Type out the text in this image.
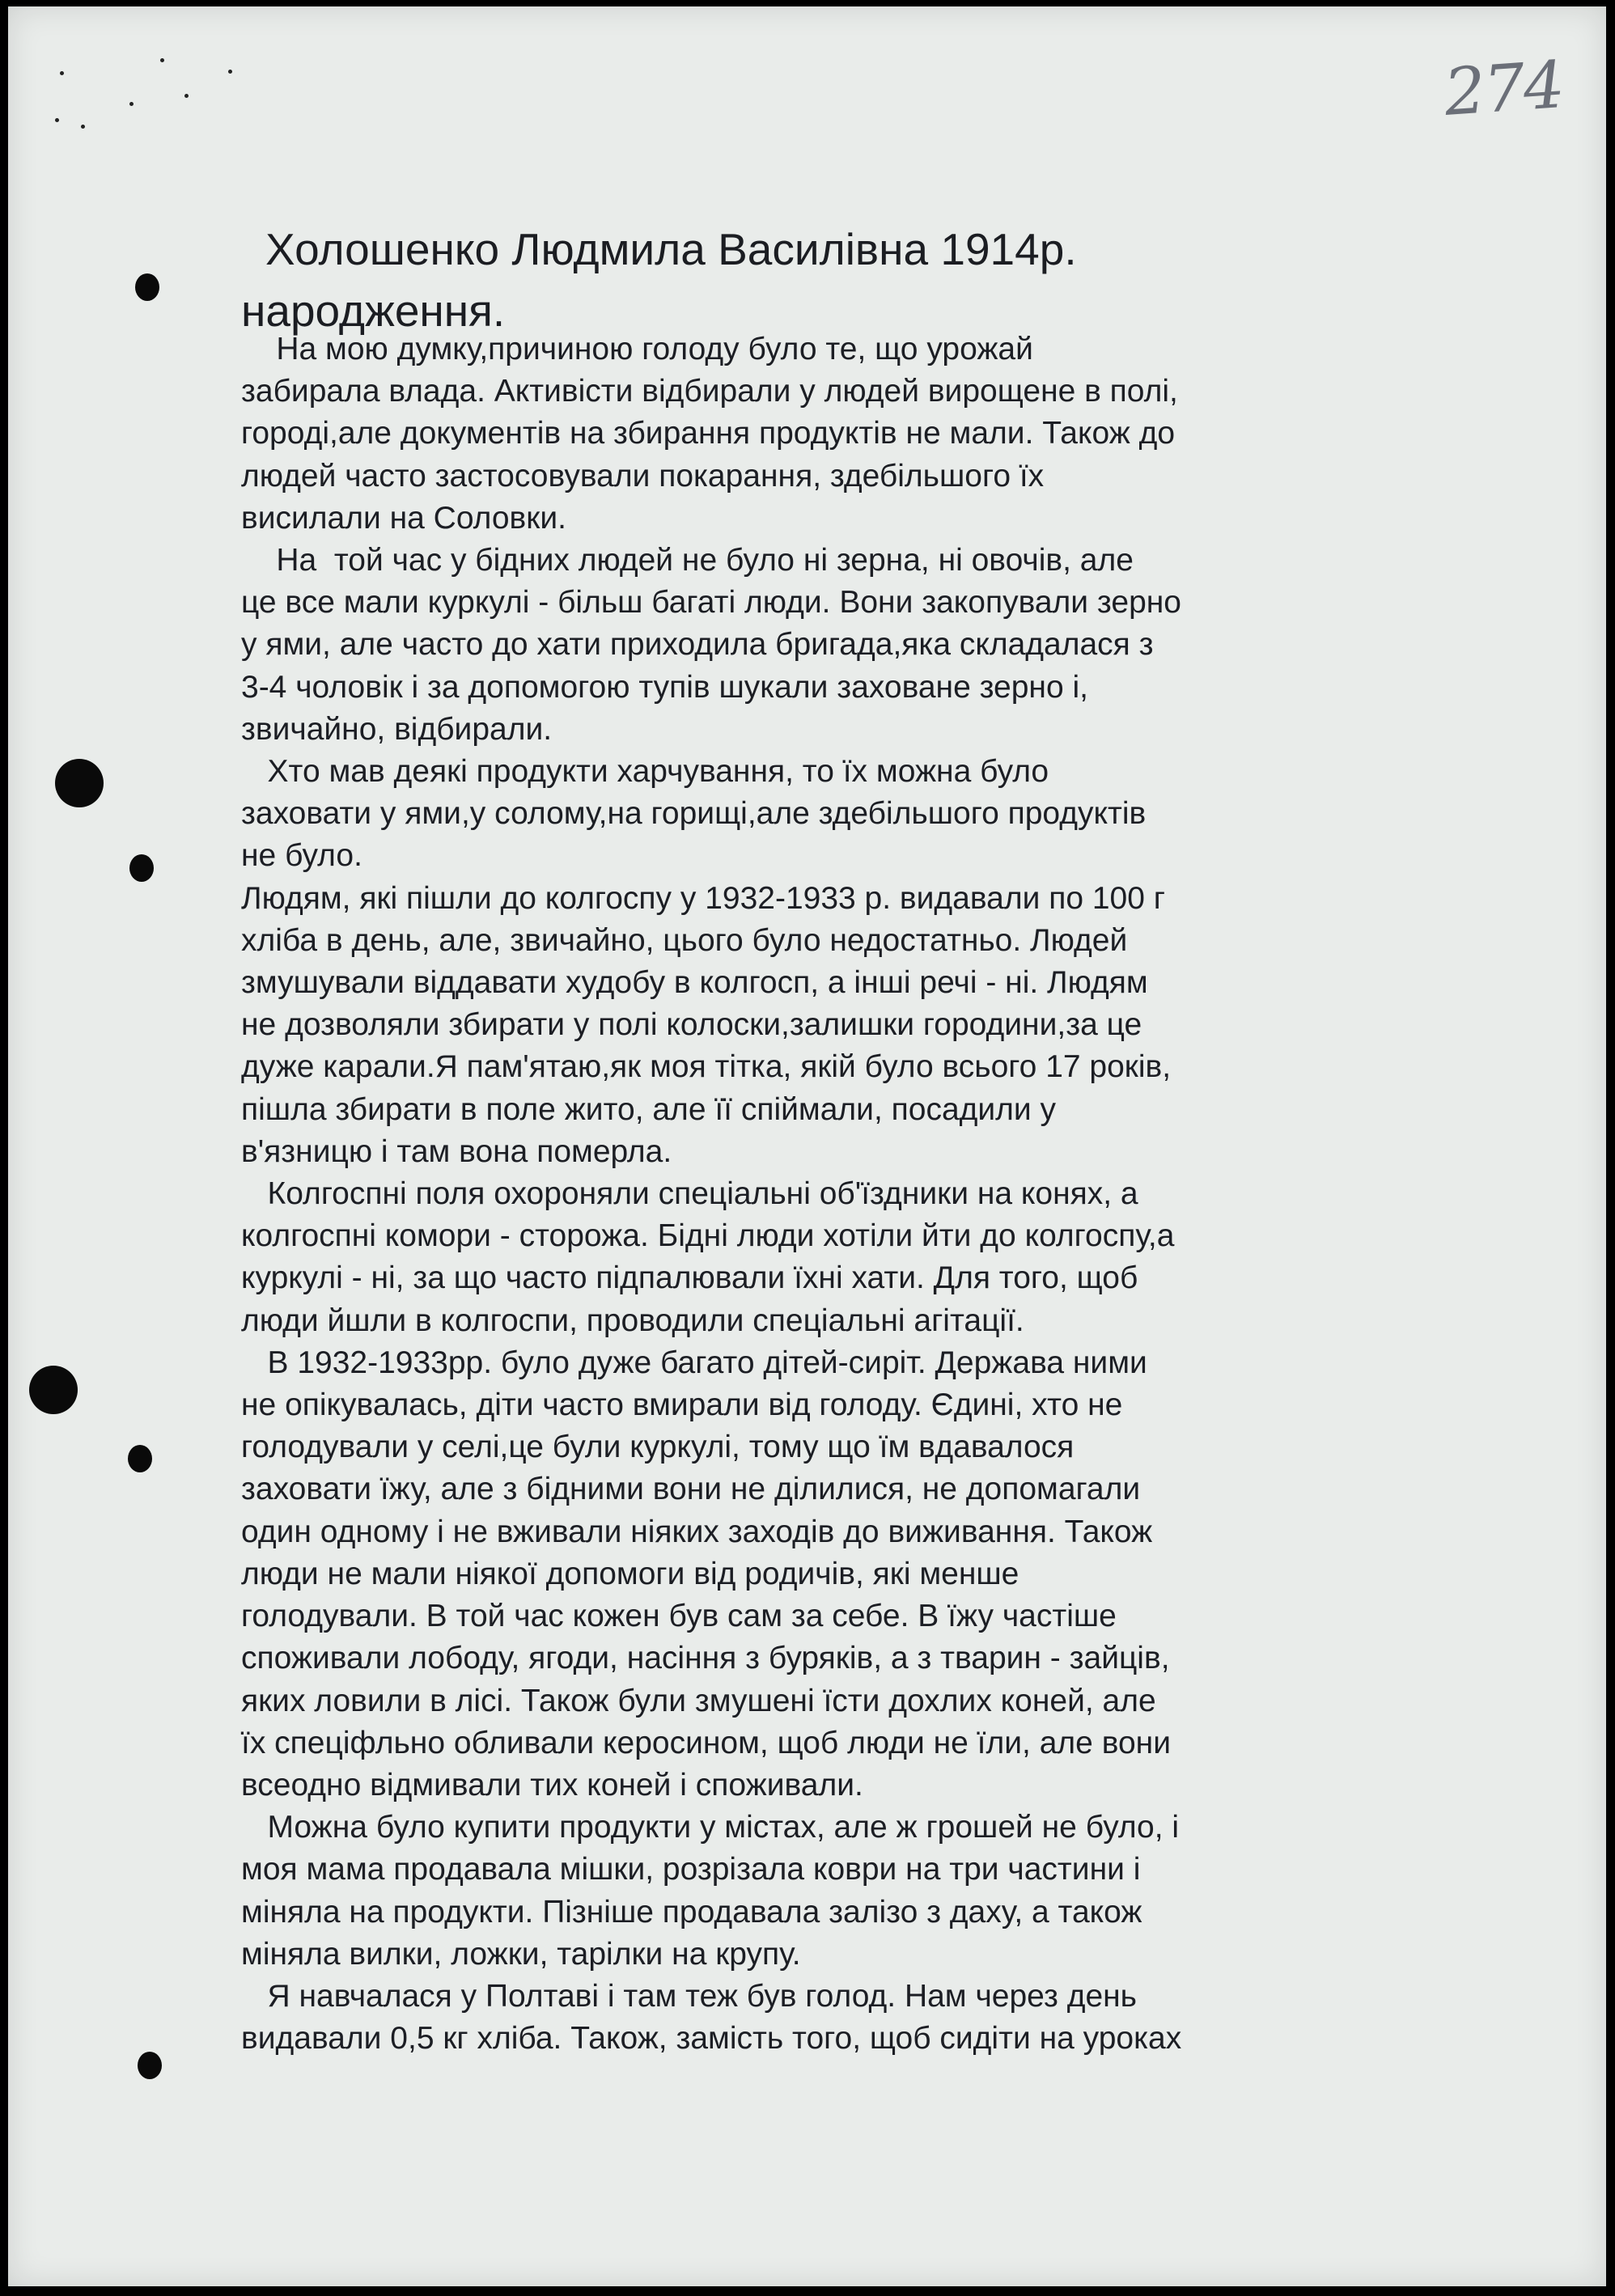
274
Холошенко Людмила Василівна 1914р.
народження.
На мою думку,причиною голоду було те, що урожай
забирала влада. Активісти відбирали у людей вирощене в полі,
городі,але документів на збирання продуктів не мали. Також до
людей часто застосовували покарання, здебільшого їх
висилали на Соловки.
На  той час у бідних людей не було ні зерна, ні овочів, але
це все мали куркулі - більш багаті люди. Вони закопували зерно
у ями, але часто до хати приходила бригада,яка складалася з
3-4 чоловік і за допомогою тупів шукали заховане зерно і,
звичайно, відбирали.
Хто мав деякі продукти харчування, то їх можна було
заховати у ями,у солому,на горищі,але здебільшого продуктів
не було.
Людям, які пішли до колгоспу у 1932-1933 р. видавали по 100 г
хліба в день, але, звичайно, цього було недостатньо. Людей
змушували віддавати худобу в колгосп, а інші речі - ні. Людям
не дозволяли збирати у полі колоски,залишки городини,за це
дуже карали.Я пам'ятаю,як моя тітка, якій було всього 17 років,
пішла збирати в поле жито, але її спіймали, посадили у
в'язницю і там вона померла.
Колгоспні поля охороняли спеціальні об'їздники на конях, а
колгоспні комори - сторожа. Бідні люди хотіли йти до колгоспу,а
куркулі - ні, за що часто підпалювали їхні хати. Для того, щоб
люди йшли в колгоспи, проводили спеціальні агітації.
В 1932-1933рр. було дуже багато дітей-сиріт. Держава ними
не опікувалась, діти часто вмирали від голоду. Єдині, хто не
голодували у селі,це були куркулі, тому що їм вдавалося
заховати їжу, але з бідними вони не ділилися, не допомагали
один одному і не вживали ніяких заходів до виживання. Також
люди не мали ніякої допомоги від родичів, які менше
голодували. В той час кожен був сам за себе. В їжу частіше
споживали лободу, ягоди, насіння з буряків, а з тварин - зайців,
яких ловили в лісі. Також були змушені їсти дохлих коней, але
їх спеціфльно обливали керосином, щоб люди не їли, але вони
всеодно відмивали тих коней і споживали.
Можна було купити продукти у містах, але ж грошей не було, і
моя мама продавала мішки, розрізала коври на три частини і
міняла на продукти. Пізніше продавала залізо з даху, а також
міняла вилки, ложки, тарілки на крупу.
Я навчалася у Полтаві і там теж був голод. Нам через день
видавали 0,5 кг хліба. Також, замість того, щоб сидіти на уроках
